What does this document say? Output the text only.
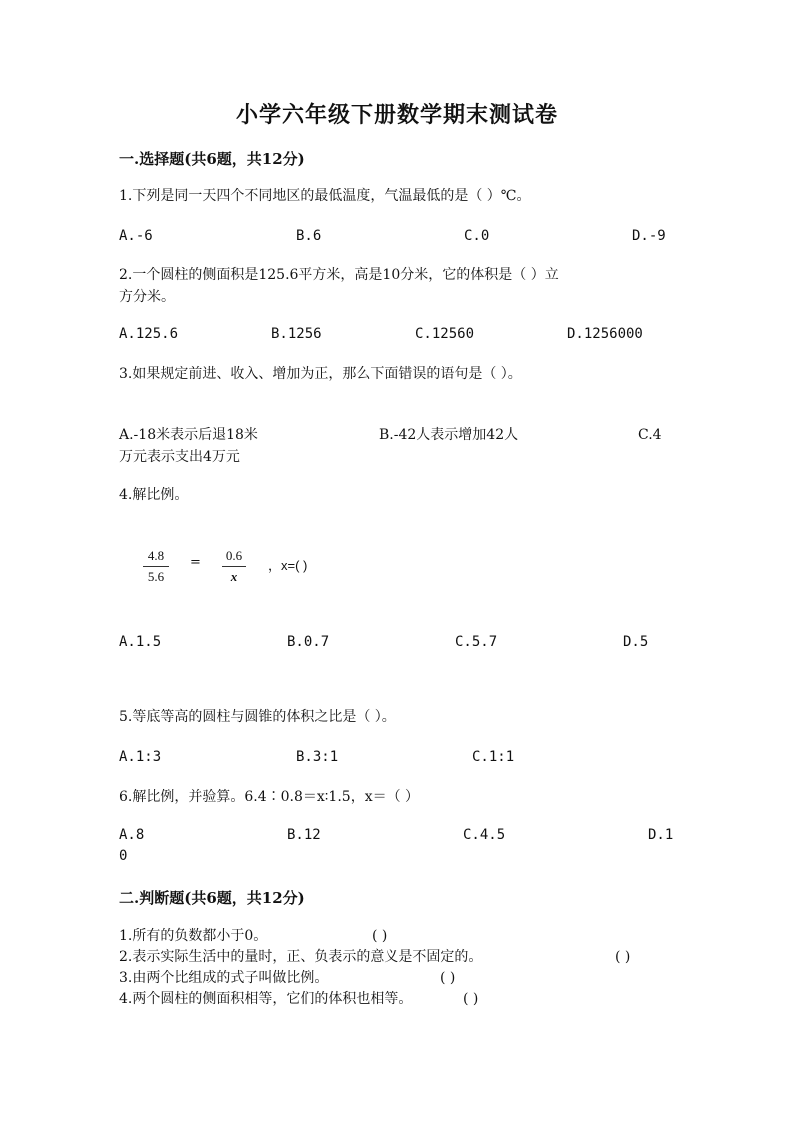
小学六年级下册数学期末测试卷
一.选择题(共6题，共12分)
1.下列是同一天四个不同地区的最低温度，气温最低的是（ ）℃。
A.-6	B.6	C.0	D.-9
2.一个圆柱的侧面积是125.6平方米，高是10分米，它的体积是（ ）立
方分米。
A.125.6	B.1256	C.12560	D.1256000
3.如果规定前进、收入、增加为正，那么下面错误的语句是（ ）。
A.-18米表示后退18米	B.-42人表示增加42人	C.4
万元表示支出4万元
4.解比例。
4.8
5.6
= 0.6
x
，x=( )
A.1.5	B.0.7	C.5.7	D.5
5.等底等高的圆柱与圆锥的体积之比是（ ）。
A.1:3	B.3:1	C.1:1
6.解比例，并验算。6.4∶0.8＝x∶1.5，x＝（ ）
A.8	B.12	C.4.5	D.1
0
二.判断题(共6题，共12分)
1.所有的负数都小于0。	( )
2.表示实际生活中的量时，正、负表示的意义是不固定的。	( )
3.由两个比组成的式子叫做比例。	( )
4.两个圆柱的侧面积相等，它们的体积也相等。	( )
